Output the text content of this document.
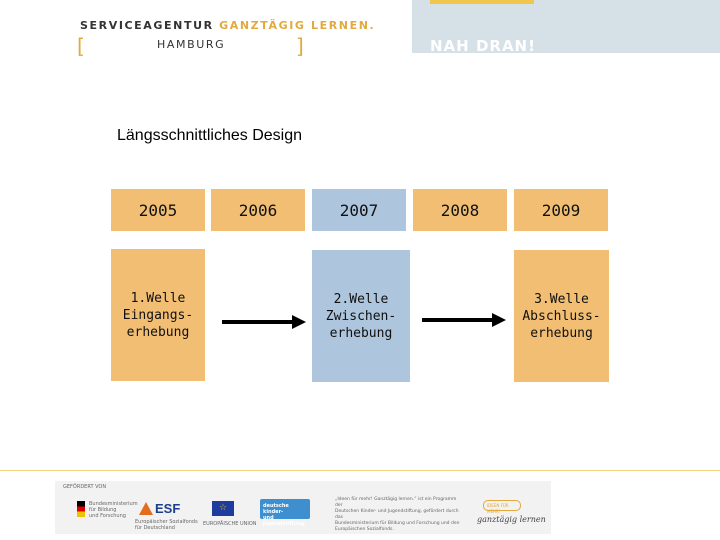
SERVICEAGENTUR GANZTÄGIG LERNEN.
[	HAMBURG	]	NAH DRAN!
Längsschnittliches Design
2005	2006	2007	2008	2009
1.Welle
Eingangs-
erhebung
2.Welle
Zwischen-
erhebung
3.Welle
Abschluss-
erhebung
GEFÖRDERT VON
Bundesministerium
für Bildung
und Forschung	ESF
Europäischer Sozialfonds
für Deutschland
☆
EUROPÄISCHE UNION
deutsche kinder-
und jugendstiftung
„Ideen für mehr! Ganztägig lernen.“ ist ein Programm der
Deutschen Kinder- und Jugendstiftung, gefördert durch das
Bundesministerium für Bildung und Forschung und den
Europäischen Sozialfonds.
IDEEN FÜR MEHR!
ganztägig lernen
